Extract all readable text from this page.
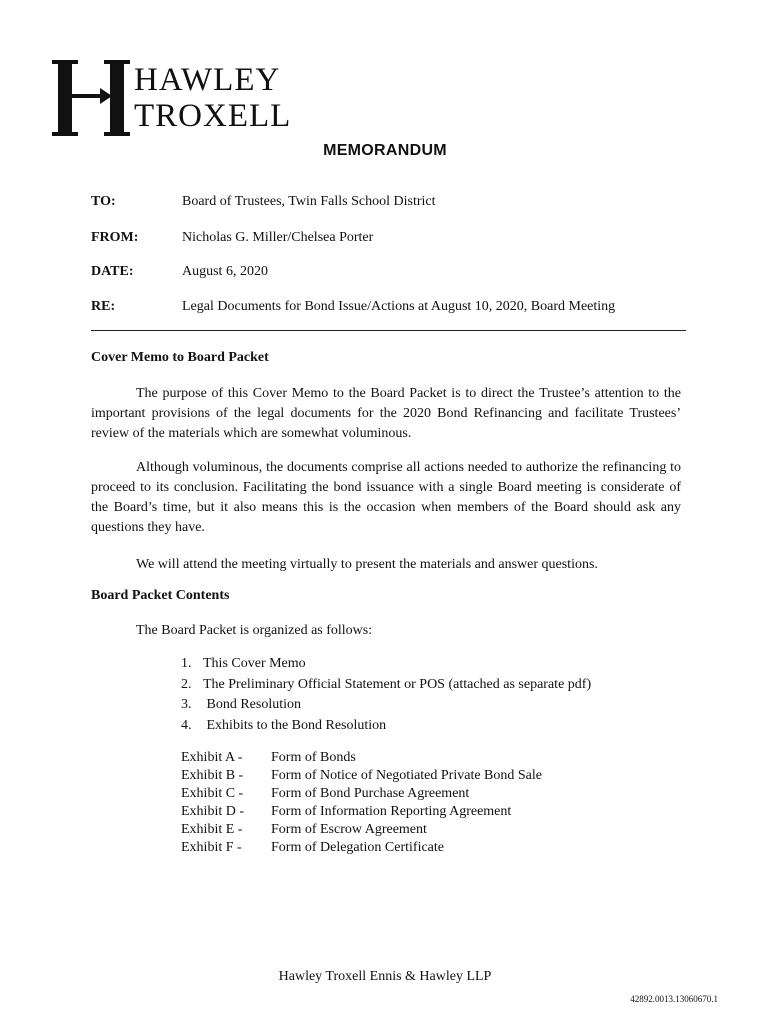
HAWLEY
TROXELL
MEMORANDUM
TO:	Board of Trustees, Twin Falls School District
FROM:	Nicholas G. Miller/Chelsea Porter
DATE:	August 6, 2020
RE:	Legal Documents for Bond Issue/Actions at August 10, 2020, Board Meeting
Cover Memo to Board Packet
The purpose of this Cover Memo to the Board Packet is to direct the Trustee’s attention to the important provisions of the legal documents for the 2020 Bond Refinancing and facilitate Trustees’ review of the materials which are somewhat voluminous.
Although voluminous, the documents comprise all actions needed to authorize the refinancing to proceed to its conclusion. Facilitating the bond issuance with a single Board meeting is considerate of the Board’s time, but it also means this is the occasion when members of the Board should ask any questions they have.
We will attend the meeting virtually to present the materials and answer questions.
Board Packet Contents
The Board Packet is organized as follows:
1. This Cover Memo
2. The Preliminary Official Statement or POS (attached as separate pdf)
3. Bond Resolution
4. Exhibits to the Bond Resolution
Exhibit A - Form of Bonds
Exhibit B - Form of Notice of Negotiated Private Bond Sale
Exhibit C - Form of Bond Purchase Agreement
Exhibit D - Form of Information Reporting Agreement
Exhibit E - Form of Escrow Agreement
Exhibit F - Form of Delegation Certificate
Hawley Troxell Ennis & Hawley LLP
42892.0013.13060670.1
